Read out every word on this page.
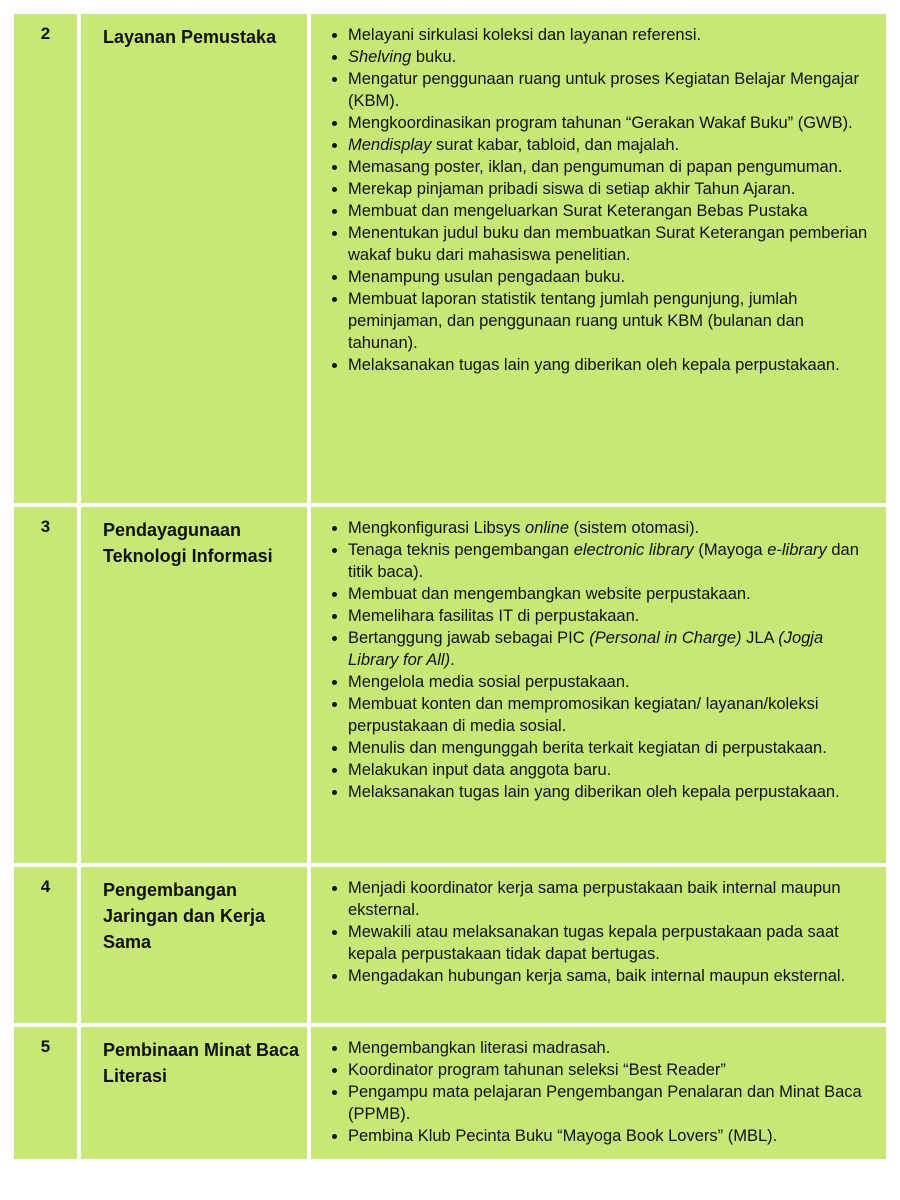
2	Layanan Pemustaka
•	Melayani sirkulasi koleksi dan layanan referensi.
• Shelving buku.
• Mengatur penggunaan ruang untuk proses Kegiatan Belajar Mengajar (KBM).
• Mengkoordinasikan program tahunan “Gerakan Wakaf Buku” (GWB).
• Mendisplay surat kabar, tabloid, dan majalah.
• Memasang poster, iklan, dan pengumuman di papan pengumuman.
• Merekap pinjaman pribadi siswa di setiap akhir Tahun Ajaran.
• Membuat dan mengeluarkan Surat Keterangan Bebas Pustaka
• Menentukan judul buku dan membuatkan Surat Keterangan pemberian wakaf buku dari mahasiswa penelitian.
• Menampung usulan pengadaan buku.
• Membuat laporan statistik tentang jumlah pengunjung, jumlah peminjaman, dan penggunaan ruang untuk KBM (bulanan dan tahunan).
• Melaksanakan tugas lain yang diberikan oleh kepala perpustakaan.
3	Pendayagunaan Teknologi Informasi
• Mengkonfigurasi Libsys online (sistem otomasi).
• Tenaga teknis pengembangan electronic library (Mayoga e-library dan titik baca).
• Membuat dan mengembangkan website perpustakaan.
• Memelihara fasilitas IT di perpustakaan.
• Bertanggung jawab sebagai PIC (Personal in Charge) JLA (Jogja Library for All).
• Mengelola media sosial perpustakaan.
• Membuat konten dan mempromosikan kegiatan/ layanan/koleksi perpustakaan di media sosial.
• Menulis dan mengunggah berita terkait kegiatan di perpustakaan.
• Melakukan input data anggota baru.
• Melaksanakan tugas lain yang diberikan oleh kepala perpustakaan.
4	Pengembangan Jaringan dan Kerja Sama
• Menjadi koordinator kerja sama perpustakaan baik internal maupun eksternal.
• Mewakili atau melaksanakan tugas kepala perpustakaan pada saat kepala perpustakaan tidak dapat bertugas.
• Mengadakan hubungan kerja sama, baik internal maupun eksternal.
5	Pembinaan Minat Baca Literasi
• Mengembangkan literasi madrasah.
• Koordinator program tahunan seleksi “Best Reader”
• Pengampu mata pelajaran Pengembangan Penalaran dan Minat Baca (PPMB).
• Pembina Klub Pecinta Buku “Mayoga Book Lovers” (MBL).
